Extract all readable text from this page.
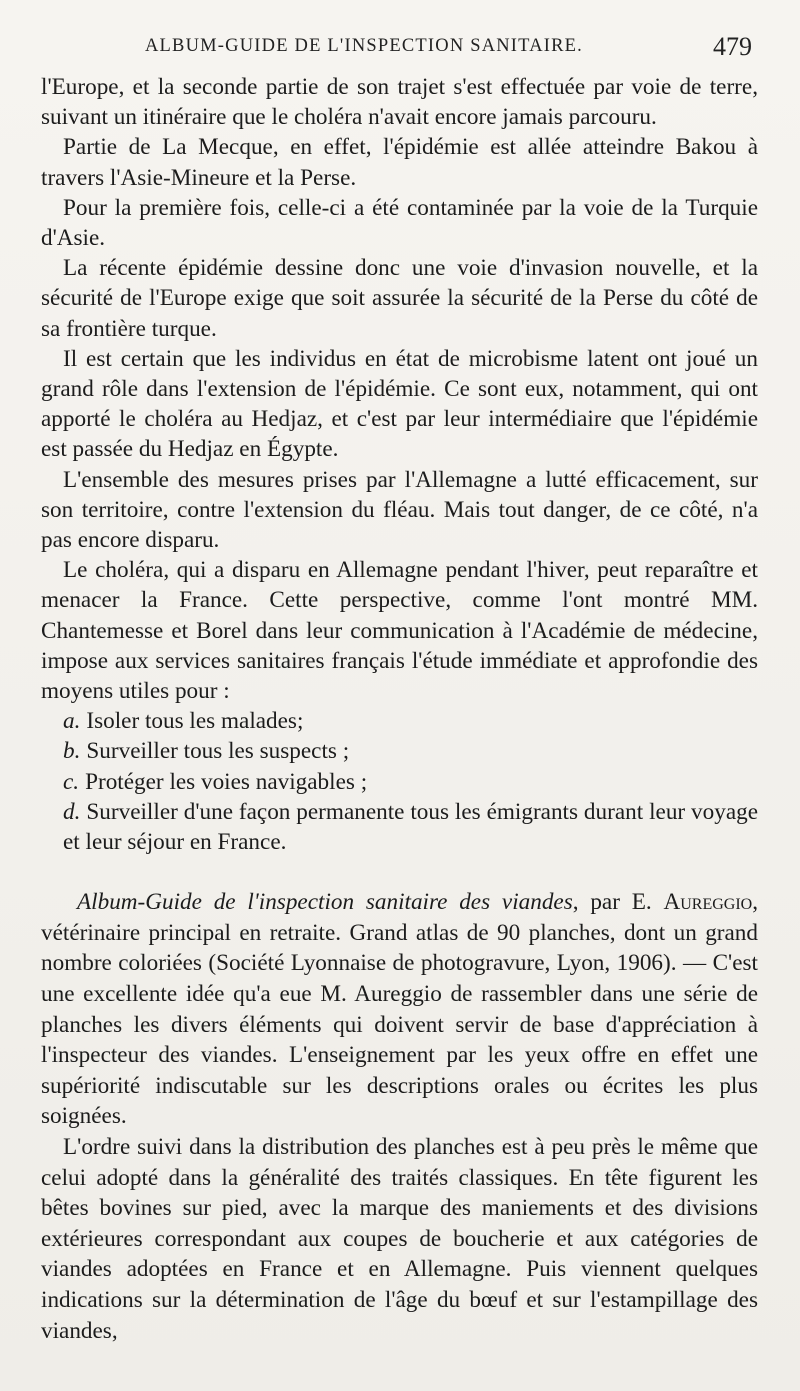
ALBUM-GUIDE DE L'INSPECTION SANITAIRE.	479

l'Europe, et la seconde partie de son trajet s'est effectuée par voie de terre, suivant un itinéraire que le choléra n'avait encore jamais parcouru.

Partie de La Mecque, en effet, l'épidémie est allée atteindre Bakou à travers l'Asie-Mineure et la Perse.

Pour la première fois, celle-ci a été contaminée par la voie de la Turquie d'Asie.

La récente épidémie dessine donc une voie d'invasion nouvelle, et la sécurité de l'Europe exige que soit assurée la sécurité de la Perse du côté de sa frontière turque.

Il est certain que les individus en état de microbisme latent ont joué un grand rôle dans l'extension de l'épidémie. Ce sont eux, notamment, qui ont apporté le choléra au Hedjaz, et c'est par leur intermédiaire que l'épidémie est passée du Hedjaz en Égypte.

L'ensemble des mesures prises par l'Allemagne a lutté efficacement, sur son territoire, contre l'extension du fléau. Mais tout danger, de ce côté, n'a pas encore disparu.

Le choléra, qui a disparu en Allemagne pendant l'hiver, peut reparaître et menacer la France. Cette perspective, comme l'ont montré MM. Chantemesse et Borel dans leur communication à l'Académie de médecine, impose aux services sanitaires français l'étude immédiate et approfondie des moyens utiles pour :

a. Isoler tous les malades;

b. Surveiller tous les suspects ;

c. Protéger les voies navigables ;

d. Surveiller d'une façon permanente tous les émigrants durant leur voyage et leur séjour en France.

Album-Guide de l'inspection sanitaire des viandes, par E. Aureggio, vétérinaire principal en retraite. Grand atlas de 90 planches, dont un grand nombre coloriées (Société Lyonnaise de photogravure, Lyon, 1906). — C'est une excellente idée qu'a eue M. Aureggio de rassembler dans une série de planches les divers éléments qui doivent servir de base d'appréciation à l'inspecteur des viandes. L'enseignement par les yeux offre en effet une supériorité indiscutable sur les descriptions orales ou écrites les plus soignées.

L'ordre suivi dans la distribution des planches est à peu près le même que celui adopté dans la généralité des traités classiques. En tête figurent les bêtes bovines sur pied, avec la marque des maniements et des divisions extérieures correspondant aux coupes de boucherie et aux catégories de viandes adoptées en France et en Allemagne. Puis viennent quelques indications sur la détermination de l'âge du bœuf et sur l'estampillage des viandes,
